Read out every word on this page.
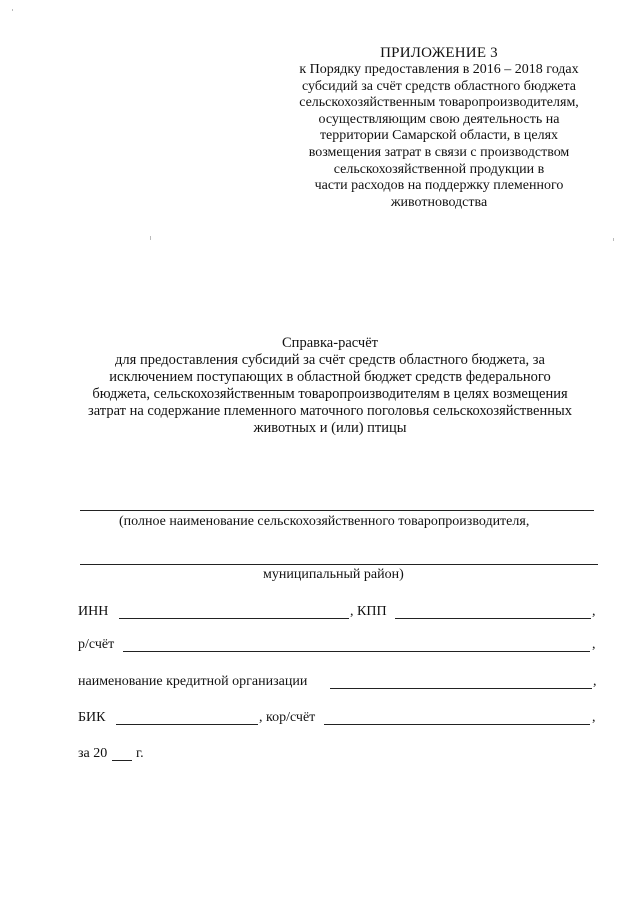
ПРИЛОЖЕНИЕ 3
к Порядку предоставления в 2016 – 2018 годах
субсидий за счёт средств областного бюджета
сельскохозяйственным товаропроизводителям,
осуществляющим свою деятельность на
территории Самарской области, в целях
возмещения затрат в связи с производством
сельскохозяйственной продукции в
части расходов на поддержку племенного
животноводства
Справка-расчёт
для предоставления субсидий за счёт средств областного бюджета, за
исключением поступающих в областной бюджет средств федерального
бюджета, сельскохозяйственным товаропроизводителям в целях возмещения
затрат на содержание племенного маточного поголовья сельскохозяйственных
животных и (или) птицы
(полное наименование сельскохозяйственного товаропроизводителя,
муниципальный район)
ИНН	, КПП	,
р/счёт	,
наименование кредитной организации	,
БИК	, кор/счёт	,
за 20 г.
